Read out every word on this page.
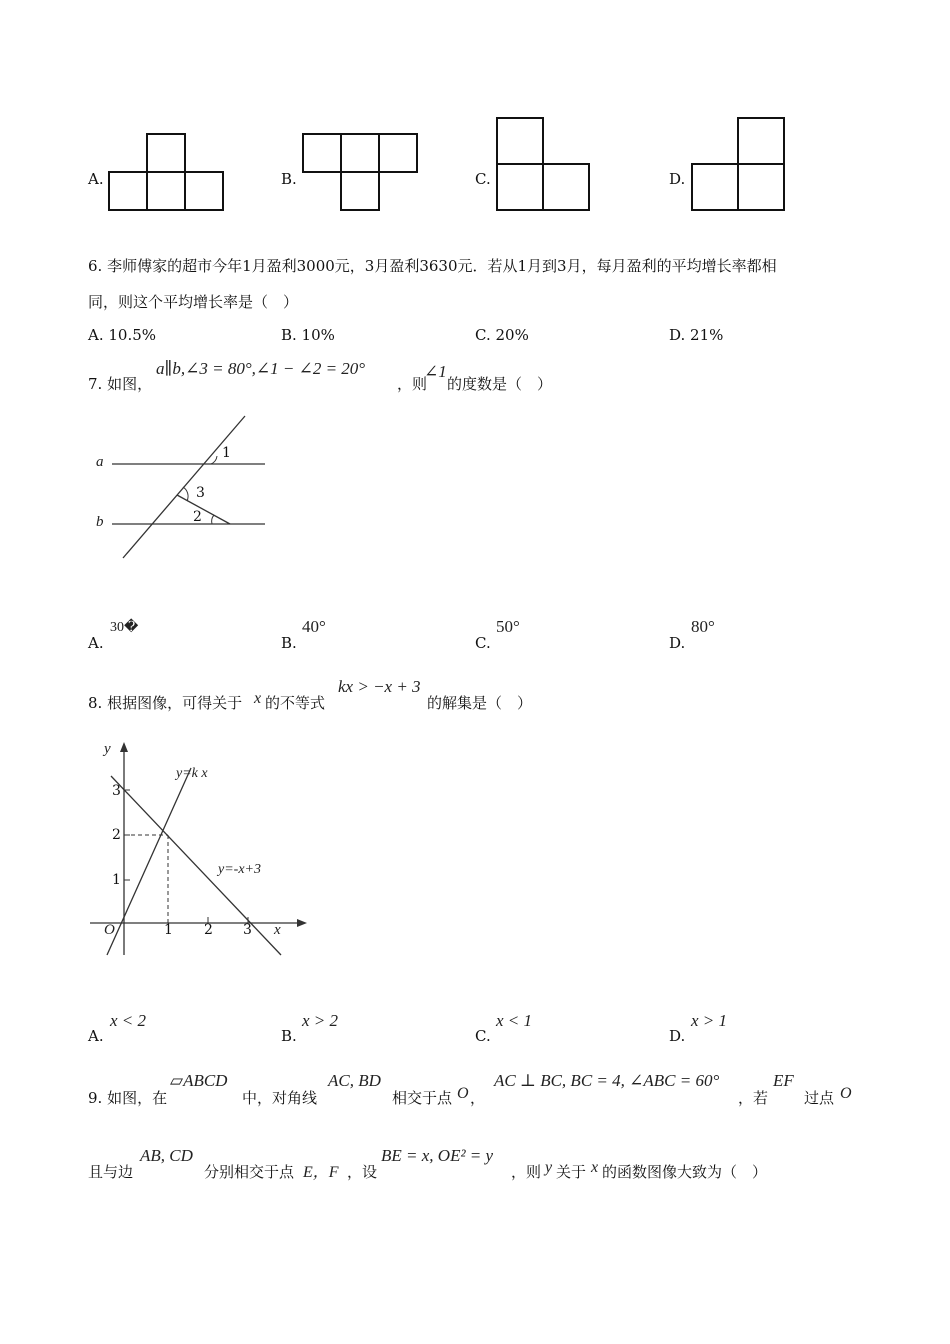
A.	B.	C.	D.
6. 李师傅家的超市今年1月盈利3000元，3月盈利3630元．若从1月到3月，每月盈利的平均增长率都相
同，则这个平均增长率是（　）
A. 10.5%	B. 10%	C. 20%	D. 21%
7. 如图，
a∥b,∠3 = 80°,∠1 − ∠2 = 20°
，则
∠1
的度数是（　）
a
b
1
3
2
A.
30�
B.
40°
C.
50°
D.
80°
8. 根据图像，可得关于 x 的不等式
kx > −x + 3
的解集是（　）
y
x
O
y=k x
y=-x+3
1 2 3
1
2
3
A.
x < 2
B.
x > 2
C.
x < 1
D.
x > 1
9. 如图，在
▱ABCD
中，对角线
AC, BD
相交于点 O ，
AC ⊥ BC, BC = 4, ∠ABC = 60°
，若
EF
过点 O
且与边
AB, CD
分别相交于点 E，F ，设
BE = x, OE² = y
，则 y 关于 x 的函数图像大致为（　）
